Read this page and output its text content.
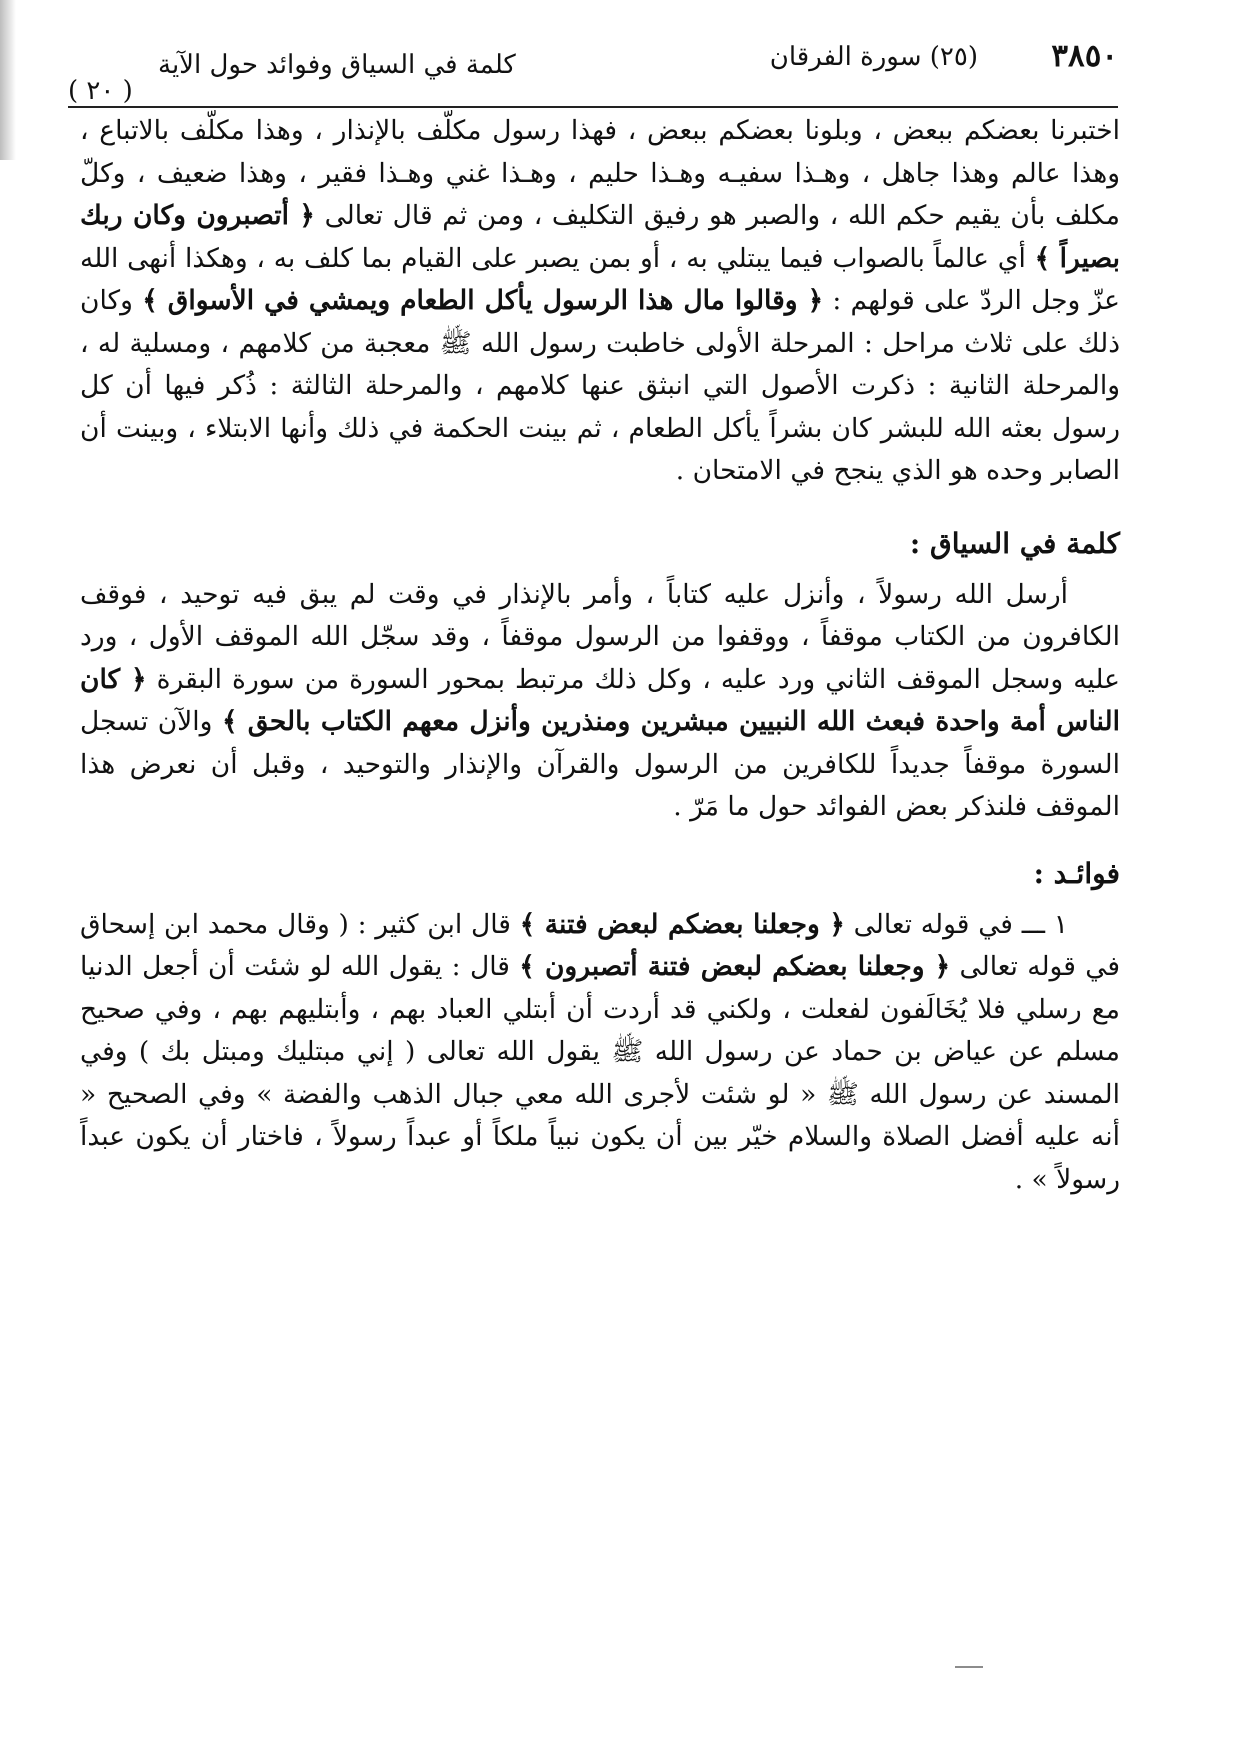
٣٨٥٠
(٢٥) سورة الفرقان
كلمة في السياق وفوائد حول الآية
( ٢٠ )

اختبرنا بعضكم ببعض ، وبلونا بعضكم ببعض ، فهذا رسول مكلّف بالإنذار ، وهذا مكلّف بالاتباع ، وهذا عالم وهذا جاهل ، وهـذا سفيـه وهـذا حليم ، وهـذا غني وهـذا فقير ، وهذا ضعيف ، وكلّ مكلف بأن يقيم حكم الله ، والصبر هو رفيق التكليف ، ومن ثم قال تعالى ﴿ أتصبرون وكان ربك بصيراً ﴾ أي عالماً بالصواب فيما يبتلي به ، أو بمن يصبر على القيام بما كلف به ، وهكذا أنهى الله عزّ وجل الردّ على قولهم : ﴿ وقالوا مال هذا الرسول يأكل الطعام ويمشي في الأسواق ﴾ وكان ذلك على ثلاث مراحل : المرحلة الأولى خاطبت رسول الله ﷺ معجبة من كلامهم ، ومسلية له ، والمرحلة الثانية : ذكرت الأصول التي انبثق عنها كلامهم ، والمرحلة الثالثة : ذُكر فيها أن كل رسول بعثه الله للبشر كان بشراً يأكل الطعام ، ثم بينت الحكمة في ذلك وأنها الابتلاء ، وبينت أن الصابر وحده هو الذي ينجح في الامتحان .

كلمة في السياق :

أرسل الله رسولاً ، وأنزل عليه كتاباً ، وأمر بالإنذار في وقت لم يبق فيه توحيد ، فوقف الكافرون من الكتاب موقفاً ، ووقفوا من الرسول موقفاً ، وقد سجّل الله الموقف الأول ، ورد عليه وسجل الموقف الثاني ورد عليه ، وكل ذلك مرتبط بمحور السورة من سورة البقرة ﴿ كان الناس أمة واحدة فبعث الله النبيين مبشرين ومنذرين وأنزل معهم الكتاب بالحق ﴾ والآن تسجل السورة موقفاً جديداً للكافرين من الرسول والقرآن والإنذار والتوحيد ، وقبل أن نعرض هذا الموقف فلنذكر بعض الفوائد حول ما مَرّ .

فوائـد :

١ ـــ في قوله تعالى ﴿ وجعلنا بعضكم لبعض فتنة ﴾ قال ابن كثير : ( وقال محمد ابن إسحاق في قوله تعالى ﴿ وجعلنا بعضكم لبعض فتنة أتصبرون ﴾ قال : يقول الله لو شئت أن أجعل الدنيا مع رسلي فلا يُخَالَفون لفعلت ، ولكني قد أردت أن أبتلي العباد بهم ، وأبتليهم بهم ، وفي صحيح مسلم عن عياض بن حماد عن رسول الله ﷺ يقول الله تعالى ( إني مبتليك ومبتل بك ) وفي المسند عن رسول الله ﷺ « لو شئت لأجرى الله معي جبال الذهب والفضة » وفي الصحيح « أنه عليه أفضل الصلاة والسلام خيّر بين أن يكون نبياً ملكاً أو عبداً رسولاً ، فاختار أن يكون عبداً رسولاً » .
